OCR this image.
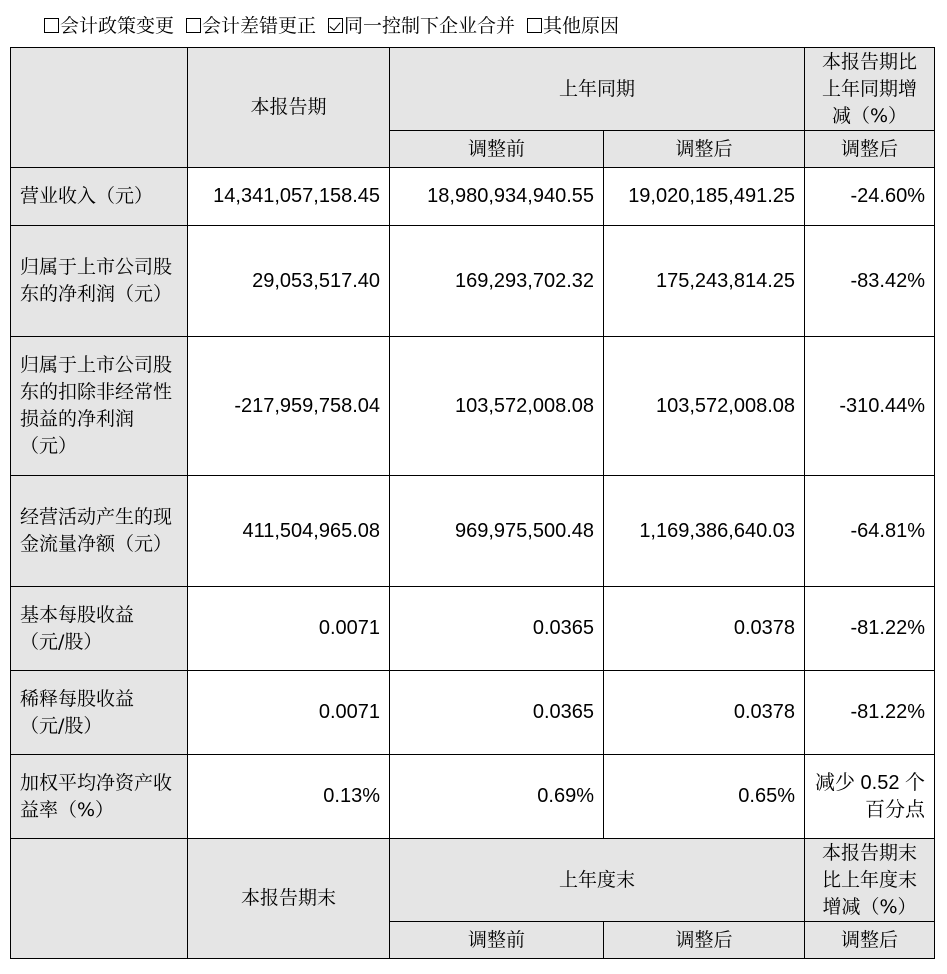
会计政策变更 会计差错更正 同一控制下企业合并 其他原因
	本报告期	上年同期		本报告期比上年同期增减（%）
		调整前	调整后	调整后
营业收入（元）	14,341,057,158.45	18,980,934,940.55	19,020,185,491.25	-24.60%
归属于上市公司股东的净利润（元）	29,053,517.40	169,293,702.32	175,243,814.25	-83.42%
归属于上市公司股东的扣除非经常性损益的净利润（元）	-217,959,758.04	103,572,008.08	103,572,008.08	-310.44%
经营活动产生的现金流量净额（元）	411,504,965.08	969,975,500.48	1,169,386,640.03	-64.81%
基本每股收益（元/股）	0.0071	0.0365	0.0378	-81.22%
稀释每股收益（元/股）	0.0071	0.0365	0.0378	-81.22%
加权平均净资产收益率（%）	0.13%	0.69%	0.65%	减少 0.52 个百分点
	本报告期末	上年度末		本报告期末比上年度末增减（%）
		调整前	调整后	调整后
